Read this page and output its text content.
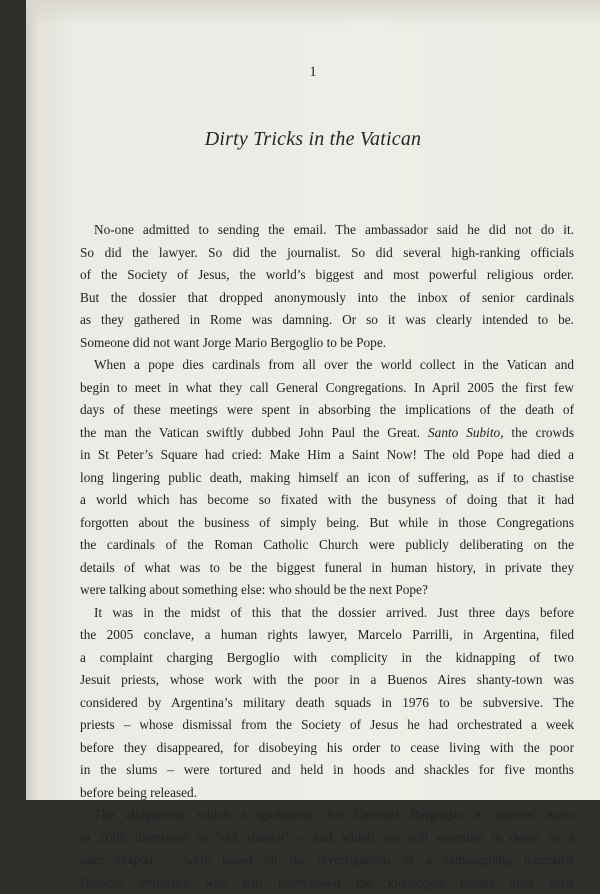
1
Dirty Tricks in the Vatican
No-one admitted to sending the email. The ambassador said he did not do it.
So did the lawyer. So did the journalist. So did several high-ranking officials
of the Society of Jesus, the world’s biggest and most powerful religious order.
But the dossier that dropped anonymously into the inbox of senior cardinals
as they gathered in Rome was damning. Or so it was clearly intended to be.
Someone did not want Jorge Mario Bergoglio to be Pope.
When a pope dies cardinals from all over the world collect in the Vatican and
begin to meet in what they call General Congregations. In April 2005 the first few
days of these meetings were spent in absorbing the implications of the death of
the man the Vatican swiftly dubbed John Paul the Great. Santo Subito, the crowds
in St Peter’s Square had cried: Make Him a Saint Now! The old Pope had died a
long lingering public death, making himself an icon of suffering, as if to chastise
a world which has become so fixated with the busyness of doing that it had
forgotten about the business of simply being. But while in those Congregations
the cardinals of the Roman Catholic Church were publicly deliberating on the
details of what was to be the biggest funeral in human history, in private they
were talking about something else: who should be the next Pope?
It was in the midst of this that the dossier arrived. Just three days before
the 2005 conclave, a human rights lawyer, Marcelo Parrilli, in Argentina, filed
a complaint charging Bergoglio with complicity in the kidnapping of two
Jesuit priests, whose work with the poor in a Buenos Aires shanty-town was
considered by Argentina’s military death squads in 1976 to be subversive. The
priests – whose dismissal from the Society of Jesus he had orchestrated a week
before they disappeared, for disobeying his order to cease living with the poor
in the slums – were tortured and held in hoods and shackles for five months
before being released.
The allegations, which a spokesman for Cardinal Bergoglio in Buenos Aires
in 2005 dismissed as ‘old slander’ – and which we will examine in detail in a
later chapter – were based on the investigations of a campaigning journalist
Horacio Verbitsky who had interviewed the kidnapped Jesuits after their
